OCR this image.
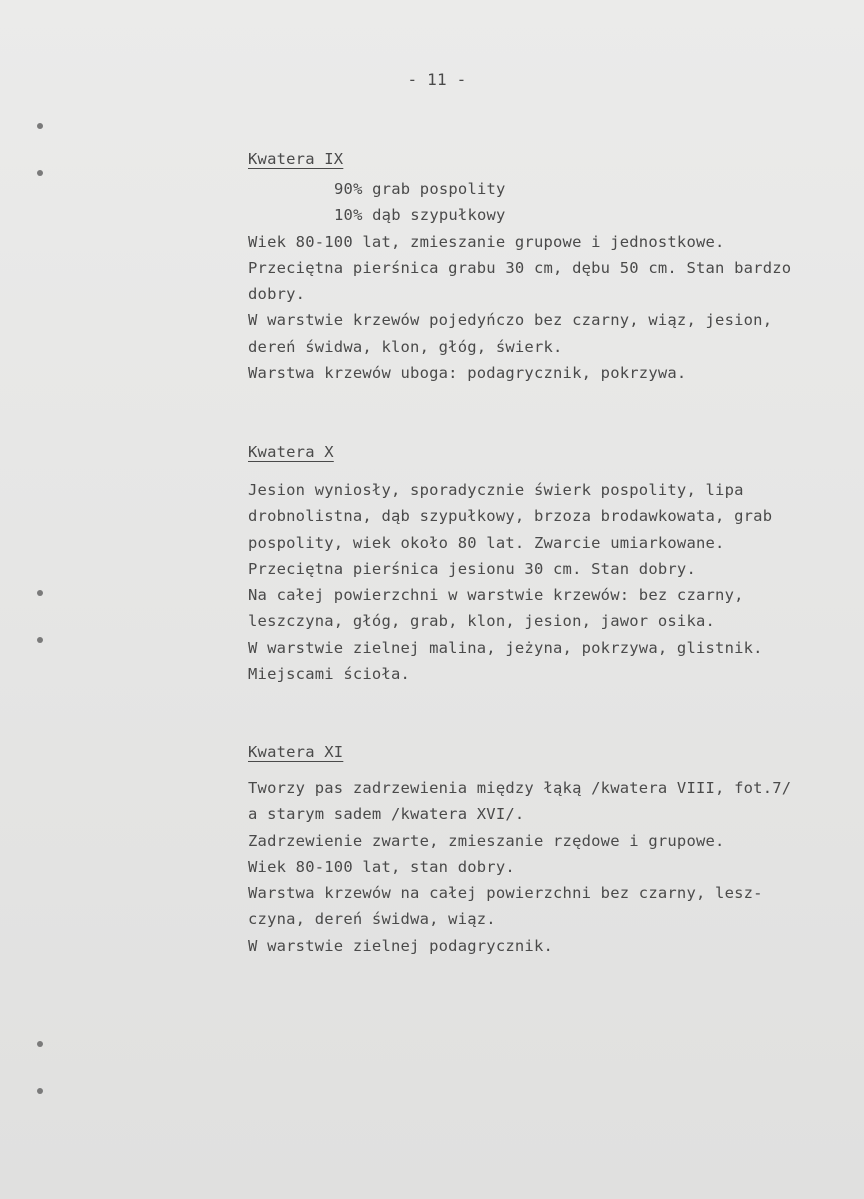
- 11 -
Kwatera IX
90% grab pospolity
10% dąb szypułkowy
Wiek 80-100 lat, zmieszanie grupowe i jednostkowe.
Przeciętna pierśnica grabu 30 cm, dębu 50 cm. Stan bardzo
dobry.
W warstwie krzewów pojedyńczo bez czarny, wiąz, jesion,
dereń świdwa, klon, głóg, świerk.
Warstwa krzewów uboga: podagrycznik, pokrzywa.
Kwatera X
Jesion wyniosły, sporadycznie świerk pospolity, lipa
drobnolistna, dąb szypułkowy, brzoza brodawkowata, grab
pospolity, wiek około 80 lat. Zwarcie umiarkowane.
Przeciętna pierśnica jesionu 30 cm. Stan dobry.
Na całej powierzchni w warstwie krzewów: bez czarny,
leszczyna, głóg, grab, klon, jesion, jawor osika.
W warstwie zielnej malina, jeżyna, pokrzywa, glistnik.
Miejscami ścioła.
Kwatera XI
Tworzy pas zadrzewienia między łąką /kwatera VIII, fot.7/
a starym sadem /kwatera XVI/.
Zadrzewienie zwarte, zmieszanie rzędowe i grupowe.
Wiek 80-100 lat, stan dobry.
Warstwa krzewów na całej powierzchni bez czarny, lesz-
czyna, dereń świdwa, wiąz.
W warstwie zielnej podagrycznik.
